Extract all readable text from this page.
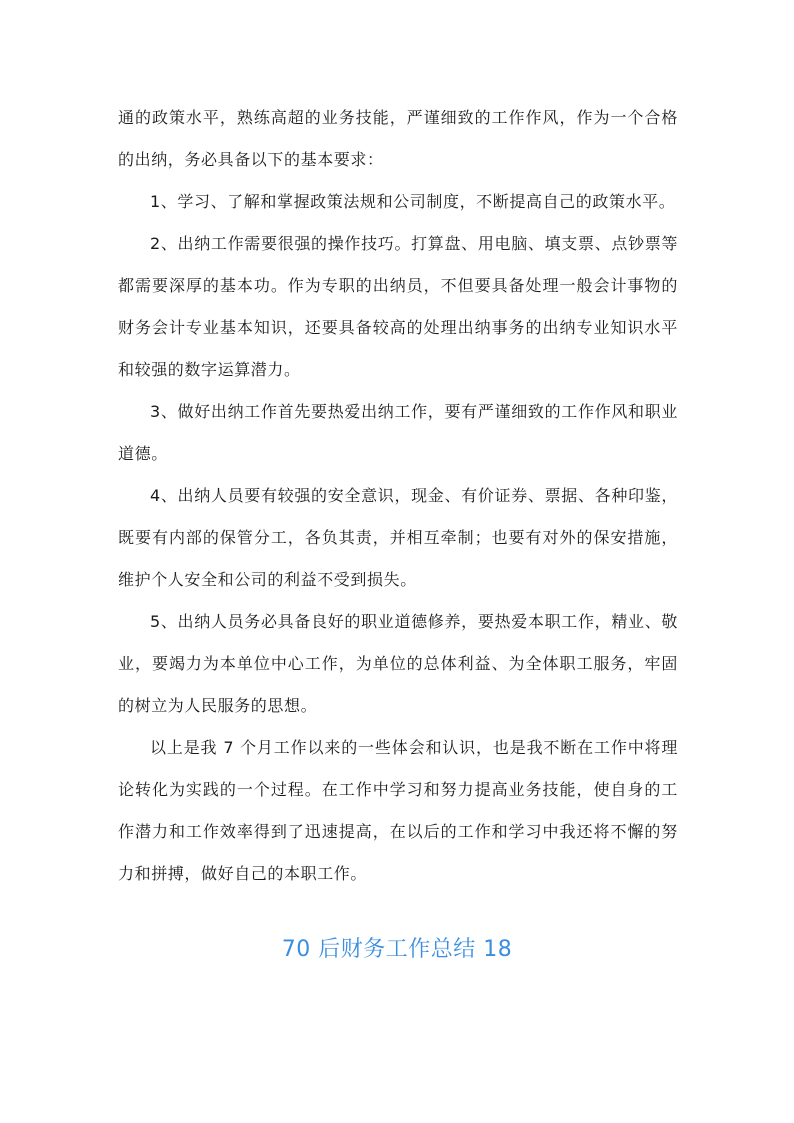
通的政策水平，熟练高超的业务技能，严谨细致的工作作风，作为一个合格的出纳，务必具备以下的基本要求：

1、学习、了解和掌握政策法规和公司制度，不断提高自己的政策水平。

2、出纳工作需要很强的操作技巧。打算盘、用电脑、填支票、点钞票等都需要深厚的基本功。作为专职的出纳员，不但要具备处理一般会计事物的财务会计专业基本知识，还要具备较高的处理出纳事务的出纳专业知识水平和较强的数字运算潜力。

3、做好出纳工作首先要热爱出纳工作，要有严谨细致的工作作风和职业道德。

4、出纳人员要有较强的安全意识，现金、有价证券、票据、各种印鉴，既要有内部的保管分工，各负其责，并相互牵制；也要有对外的保安措施，维护个人安全和公司的利益不受到损失。

5、出纳人员务必具备良好的职业道德修养，要热爱本职工作，精业、敬业，要竭力为本单位中心工作，为单位的总体利益、为全体职工服务，牢固的树立为人民服务的思想。

以上是我 7 个月工作以来的一些体会和认识，也是我不断在工作中将理论转化为实践的一个过程。在工作中学习和努力提高业务技能，使自身的工作潜力和工作效率得到了迅速提高，在以后的工作和学习中我还将不懈的努力和拼搏，做好自己的本职工作。

70 后财务工作总结 18
